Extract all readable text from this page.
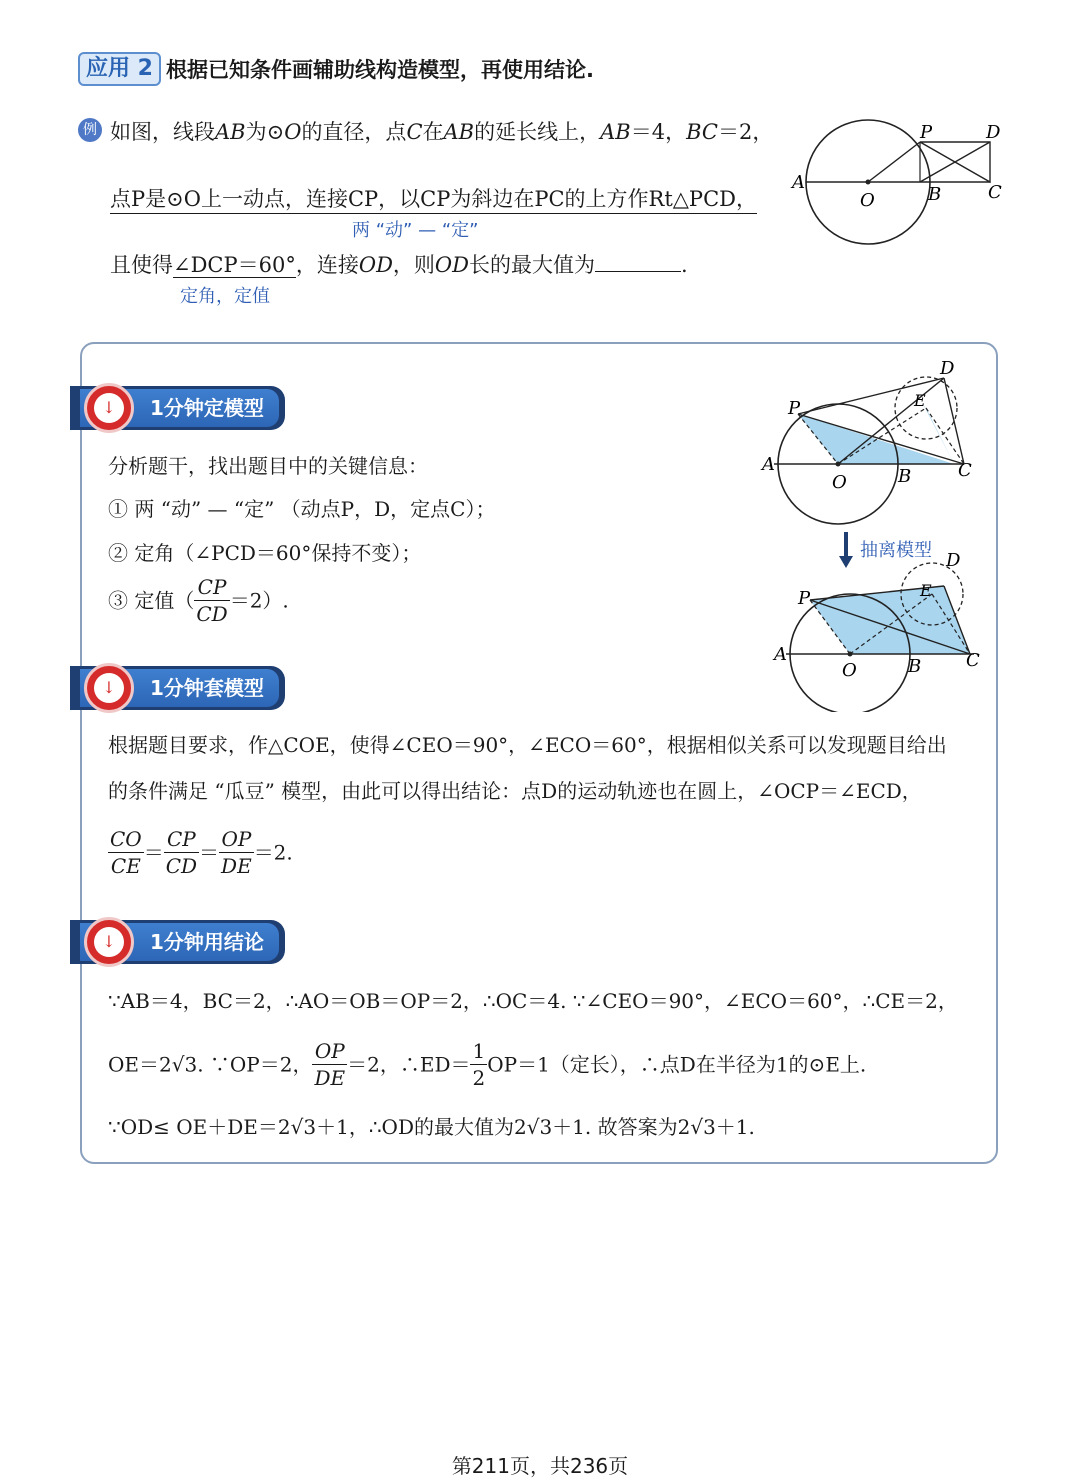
应用 2 根据已知条件画辅助线构造模型，再使用结论.
例 如图，线段AB为⊙O的直径，点C在AB的延长线上，AB＝4，BC＝2，
点P是⊙O上一动点，连接CP，以CP为斜边在PC的上方作Rt△PCD，
两 “动” — “定”
且使得∠DCP＝60°，连接OD，则OD长的最大值为	.
定角，定值
A
O	B	C
P	D
1分钟定模型
↓
分析题干，找出题目中的关键信息：
① 两 “动” — “定” （动点P，D，定点C）；
② 定角（∠PCD＝60°保持不变）；
③ 定值（ $\frac{CP}{CD} =2$）.
A
O	B	C
P
D
E
抽离模型
A
O	B C
P
D
E
1分钟套模型
↓
根据题目要求，作△COE，使得∠CEO＝90°，∠ECO＝60°，根据相似关系可以发现题目给出
的条件满足 “瓜豆” 模型，由此可以得出结论：点D的运动轨迹也在圆上，∠OCP＝∠ECD，
$\frac{CO}{CE} = \frac{CP}{CD} = \frac{OP}{DE} =2$.
1分钟用结论
↓
∵AB＝4，BC＝2，∴AO＝OB＝OP＝2，∴OC＝4. ∵∠CEO＝90°，∠ECO＝60°，∴CE＝2，
OE＝2√3. ∵OP＝2， $\frac{OP}{DE} =2$，∴ED＝ $\frac{1}{2} OP=1$（定长），∴点D在半径为1的⊙E上.
∵OD≤ OE＋DE＝2√3＋1，∴OD的最大值为2√3＋1. 故答案为2√3＋1.
第211页，共236页
